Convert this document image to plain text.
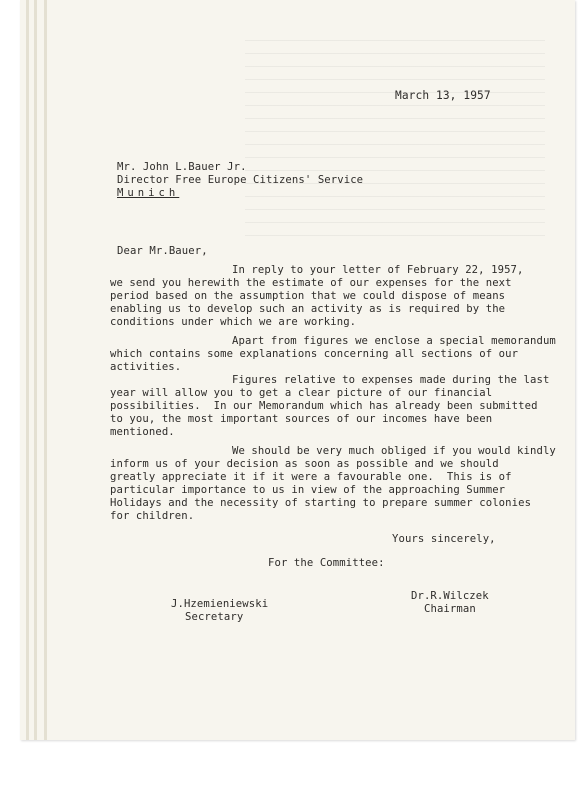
March 13, 1957
Mr. John L.Bauer Jr.
Director Free Europe Citizens' Service
Munich
Dear Mr.Bauer,
In reply to your letter of February 22, 1957,
we send you herewith the estimate of our expenses for the next
period based on the assumption that we could dispose of means
enabling us to develop such an activity as is required by the
conditions under which we are working.
Apart from figures we enclose a special memorandum
which contains some explanations concerning all sections of our
activities.
Figures relative to expenses made during the last
year will allow you to get a clear picture of our financial
possibilities.  In our Memorandum which has already been submitted
to you, the most important sources of our incomes have been
mentioned.
We should be very much obliged if you would kindly
inform us of your decision as soon as possible and we should
greatly appreciate it if it were a favourable one.  This is of
particular importance to us in view of the approaching Summer
Holidays and the necessity of starting to prepare summer colonies
for children.
Yours sincerely,
For the Committee:
J.Hzemieniewski
Secretary
Dr.R.Wilczek
Chairman
